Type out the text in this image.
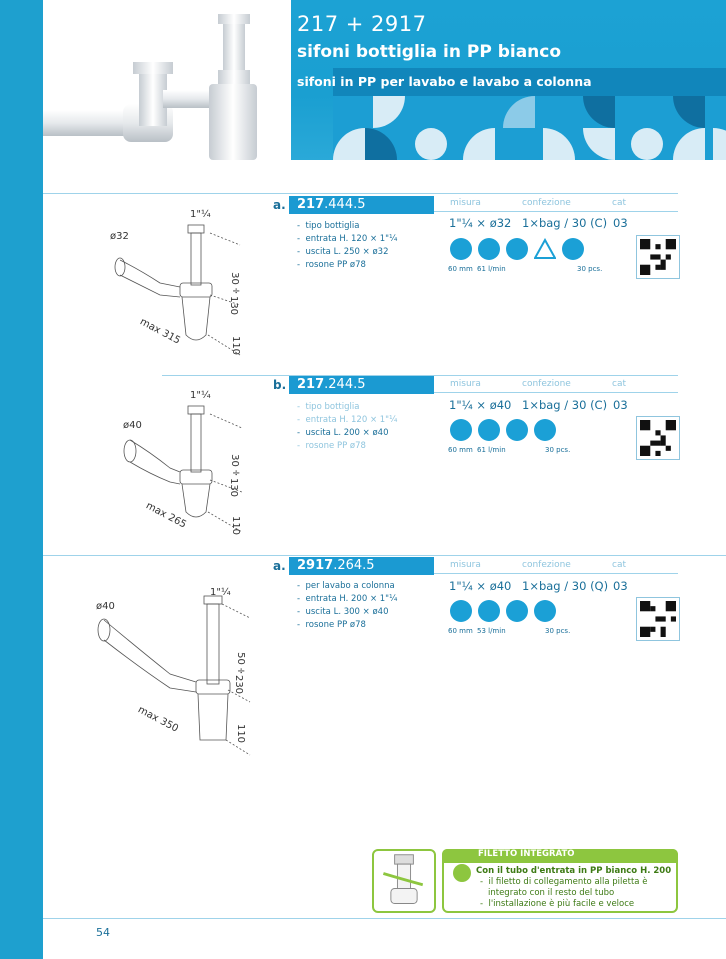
217 + 2917
sifoni bottiglia in PP bianco
sifoni in PP per lavabo e lavabo a colonna
a. 217.444.5	misura	confezione	cat
1"¼ × ø32 1×bag / 30 (C) 03
-  tipo bottiglia
-  entrata H. 120 × 1"¼
-  uscita L. 250 × ø32
-  rosone PP ø78	60 mm 61 l/min	30 pcs.
1"¼
ø32
30
÷
130
110
max 315
b. 217.244.5	misura	confezione	cat
1"¼ × ø40 1×bag / 30 (C) 03
-  tipo bottiglia
-  entrata H. 120 × 1"¼
-  uscita L. 200 × ø40
-  rosone PP ø78	60 mm 61 l/min	30 pcs.
1"¼
ø40
30
÷
130
110
max 265
a. 2917.264.5	misura	confezione	cat
1"¼ × ø40 1×bag / 30 (Q) 03
-  per lavabo a colonna
-  entrata H. 200 × 1"¼
-  uscita L. 300 × ø40
-  rosone PP ø78
60 mm 53 l/min	30 pcs.
1"¼
ø40
50
÷
230
110
max 350
FILETTO INTEGRATO
Con il tubo d'entrata in PP bianco H. 200
-  il filetto di collegamento alla piletta è
integrato con il resto del tubo
-  l'installazione è più facile e veloce
54
